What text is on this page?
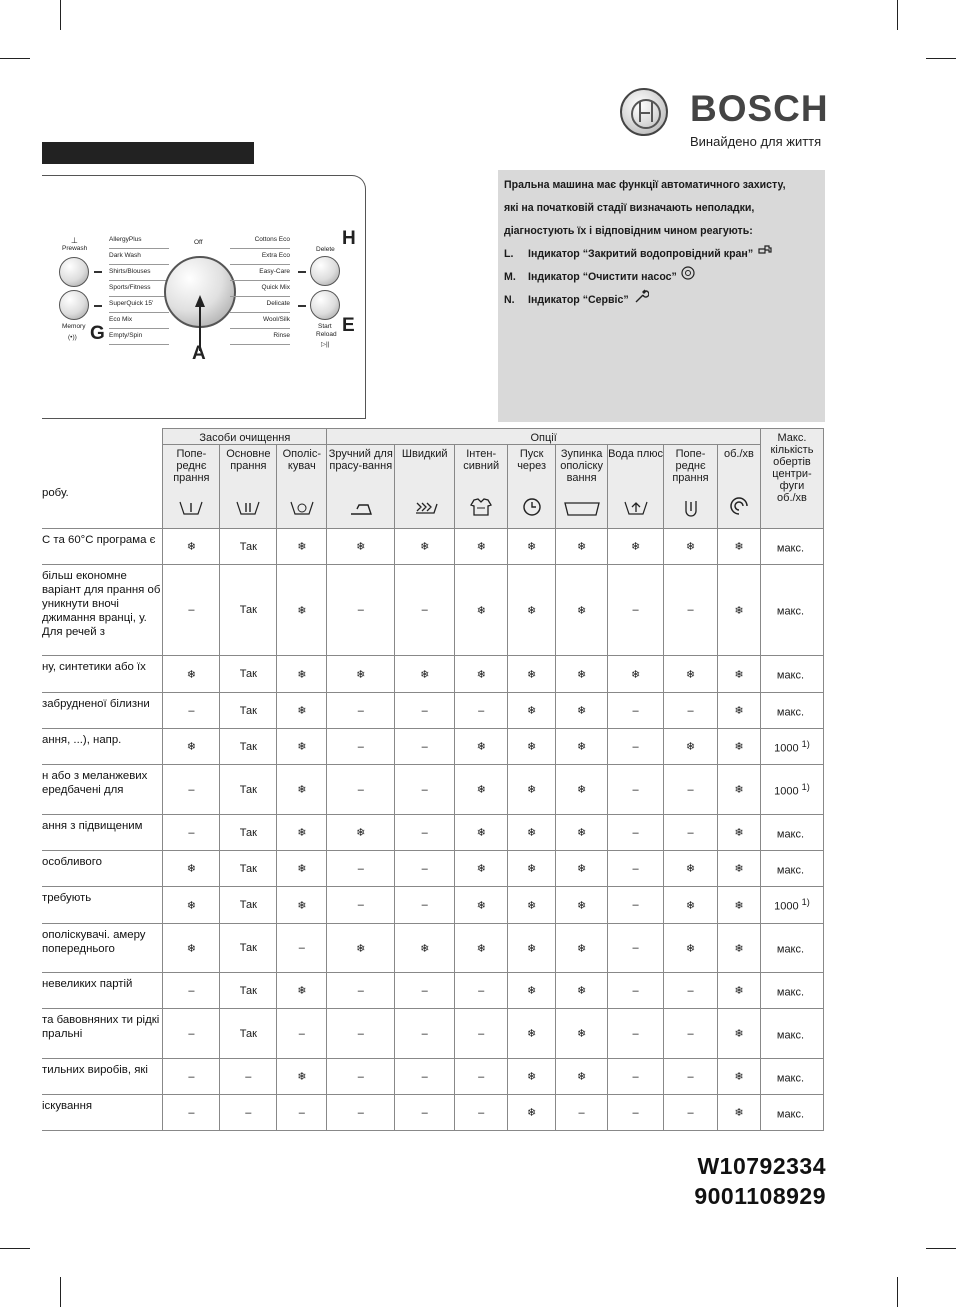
BOSCH
Винайдено для життя
Prewash
⊥
Memory
(•)) G
AllergyPlus
Dark Wash
Shirts/Blouses
Sports/Fitness
SuperQuick 15'
Eco Mix
Empty/Spin
Off
A
Cottons Eco
Extra Eco
Easy-Care
Quick Mix
Delicate
Wool/Silk
Rinse
Delete
H
Start
Reload
▷||
E
Пральна машина має функції автоматичного захисту,
які на початковій стадії визначають неполадки,
діагностують їх і відповідним чином реагують:
L.	Індикатор “Закритий водопровідний кран”
M.	Індикатор “Очистити насос”
N.	Індикатор “Сервіс”
робу.	Засоби очищення			Опції								Макс. кількість обертів центри-фуги
об./хв

	Попе-реднє прання	Основне прання	Ополіс-кувач	Зручний для прасу-вання	Швидкий	Інтен-сивний	Пуск через	Зупинка ополіску вання	Вода плюс	Попе-реднє прання	об./хв	

С та 60°С програма є	❄	Так	❄	❄	❄	❄	❄	❄	❄	❄	❄	макс.
більш економне варіант для прання об уникнути вночі джимання вранці, у. Для речей з	–	Так	❄	–	–	❄	❄	❄	–	–	❄	макс.
ну, синтетики або їх	❄	Так	❄	❄	❄	❄	❄	❄	❄	❄	❄	макс.
забрудненої білизни	–	Так	❄	–	–	–	❄	❄	–	–	❄	макс.
ання, ...), напр.	❄	Так	❄	–	–	❄	❄	❄	–	❄	❄	1000 $^{1)}$
н або з меланжевих ередбачені для	–	Так	❄	–	–	❄	❄	❄	–	–	❄	1000 $^{1)}$
ання з підвищеним	–	Так	❄	❄	–	❄	❄	❄	–	–	❄	макс.
особливого	❄	Так	❄	–	–	❄	❄	❄	–	❄	❄	макс.
требують	❄	Так	❄	–	–	❄	❄	❄	–	❄	❄	1000 $^{1)}$
ополіскувачі. амеру попереднього	❄	Так	–	❄	❄	❄	❄	❄	–	❄	❄	макс.
невеликих партій	–	Так	❄	–	–	–	❄	❄	–	–	❄	макс.
та бавовняних ти рідкі пральні	–	Так	–	–	–	–	❄	❄	–	–	❄	макс.
тильних виробів, які	–	–	❄	–	–	–	❄	❄	–	–	❄	макс.
іскування	–	–	–	–	–	–	❄	–	–	–	❄	макс.
W10792334
9001108929
